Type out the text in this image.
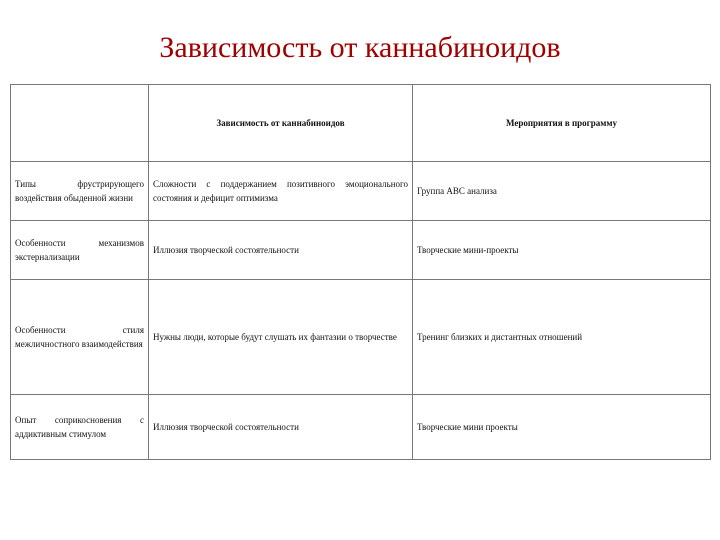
Зависимость от каннабиноидов
	Зависимость от каннабиноидов	Мероприятия в программу
Типы фрустрирующего воздействия обыденной жизни	Сложности с поддержанием позитивного эмоционального состояния и дефицит оптимизма	Группа АВС анализа
Особенности механизмов экстернализации	Иллюзия творческой состоятельности	Творческие мини-проекты
Особенности стиля межличностного взаимодействия	Нужны люди, которые будут слушать их фантазии о творчестве	Тренинг близких и дистантных отношений
Опыт соприкосновения с аддиктивным стимулом	Иллюзия творческой состоятельности	Творческие мини проекты
